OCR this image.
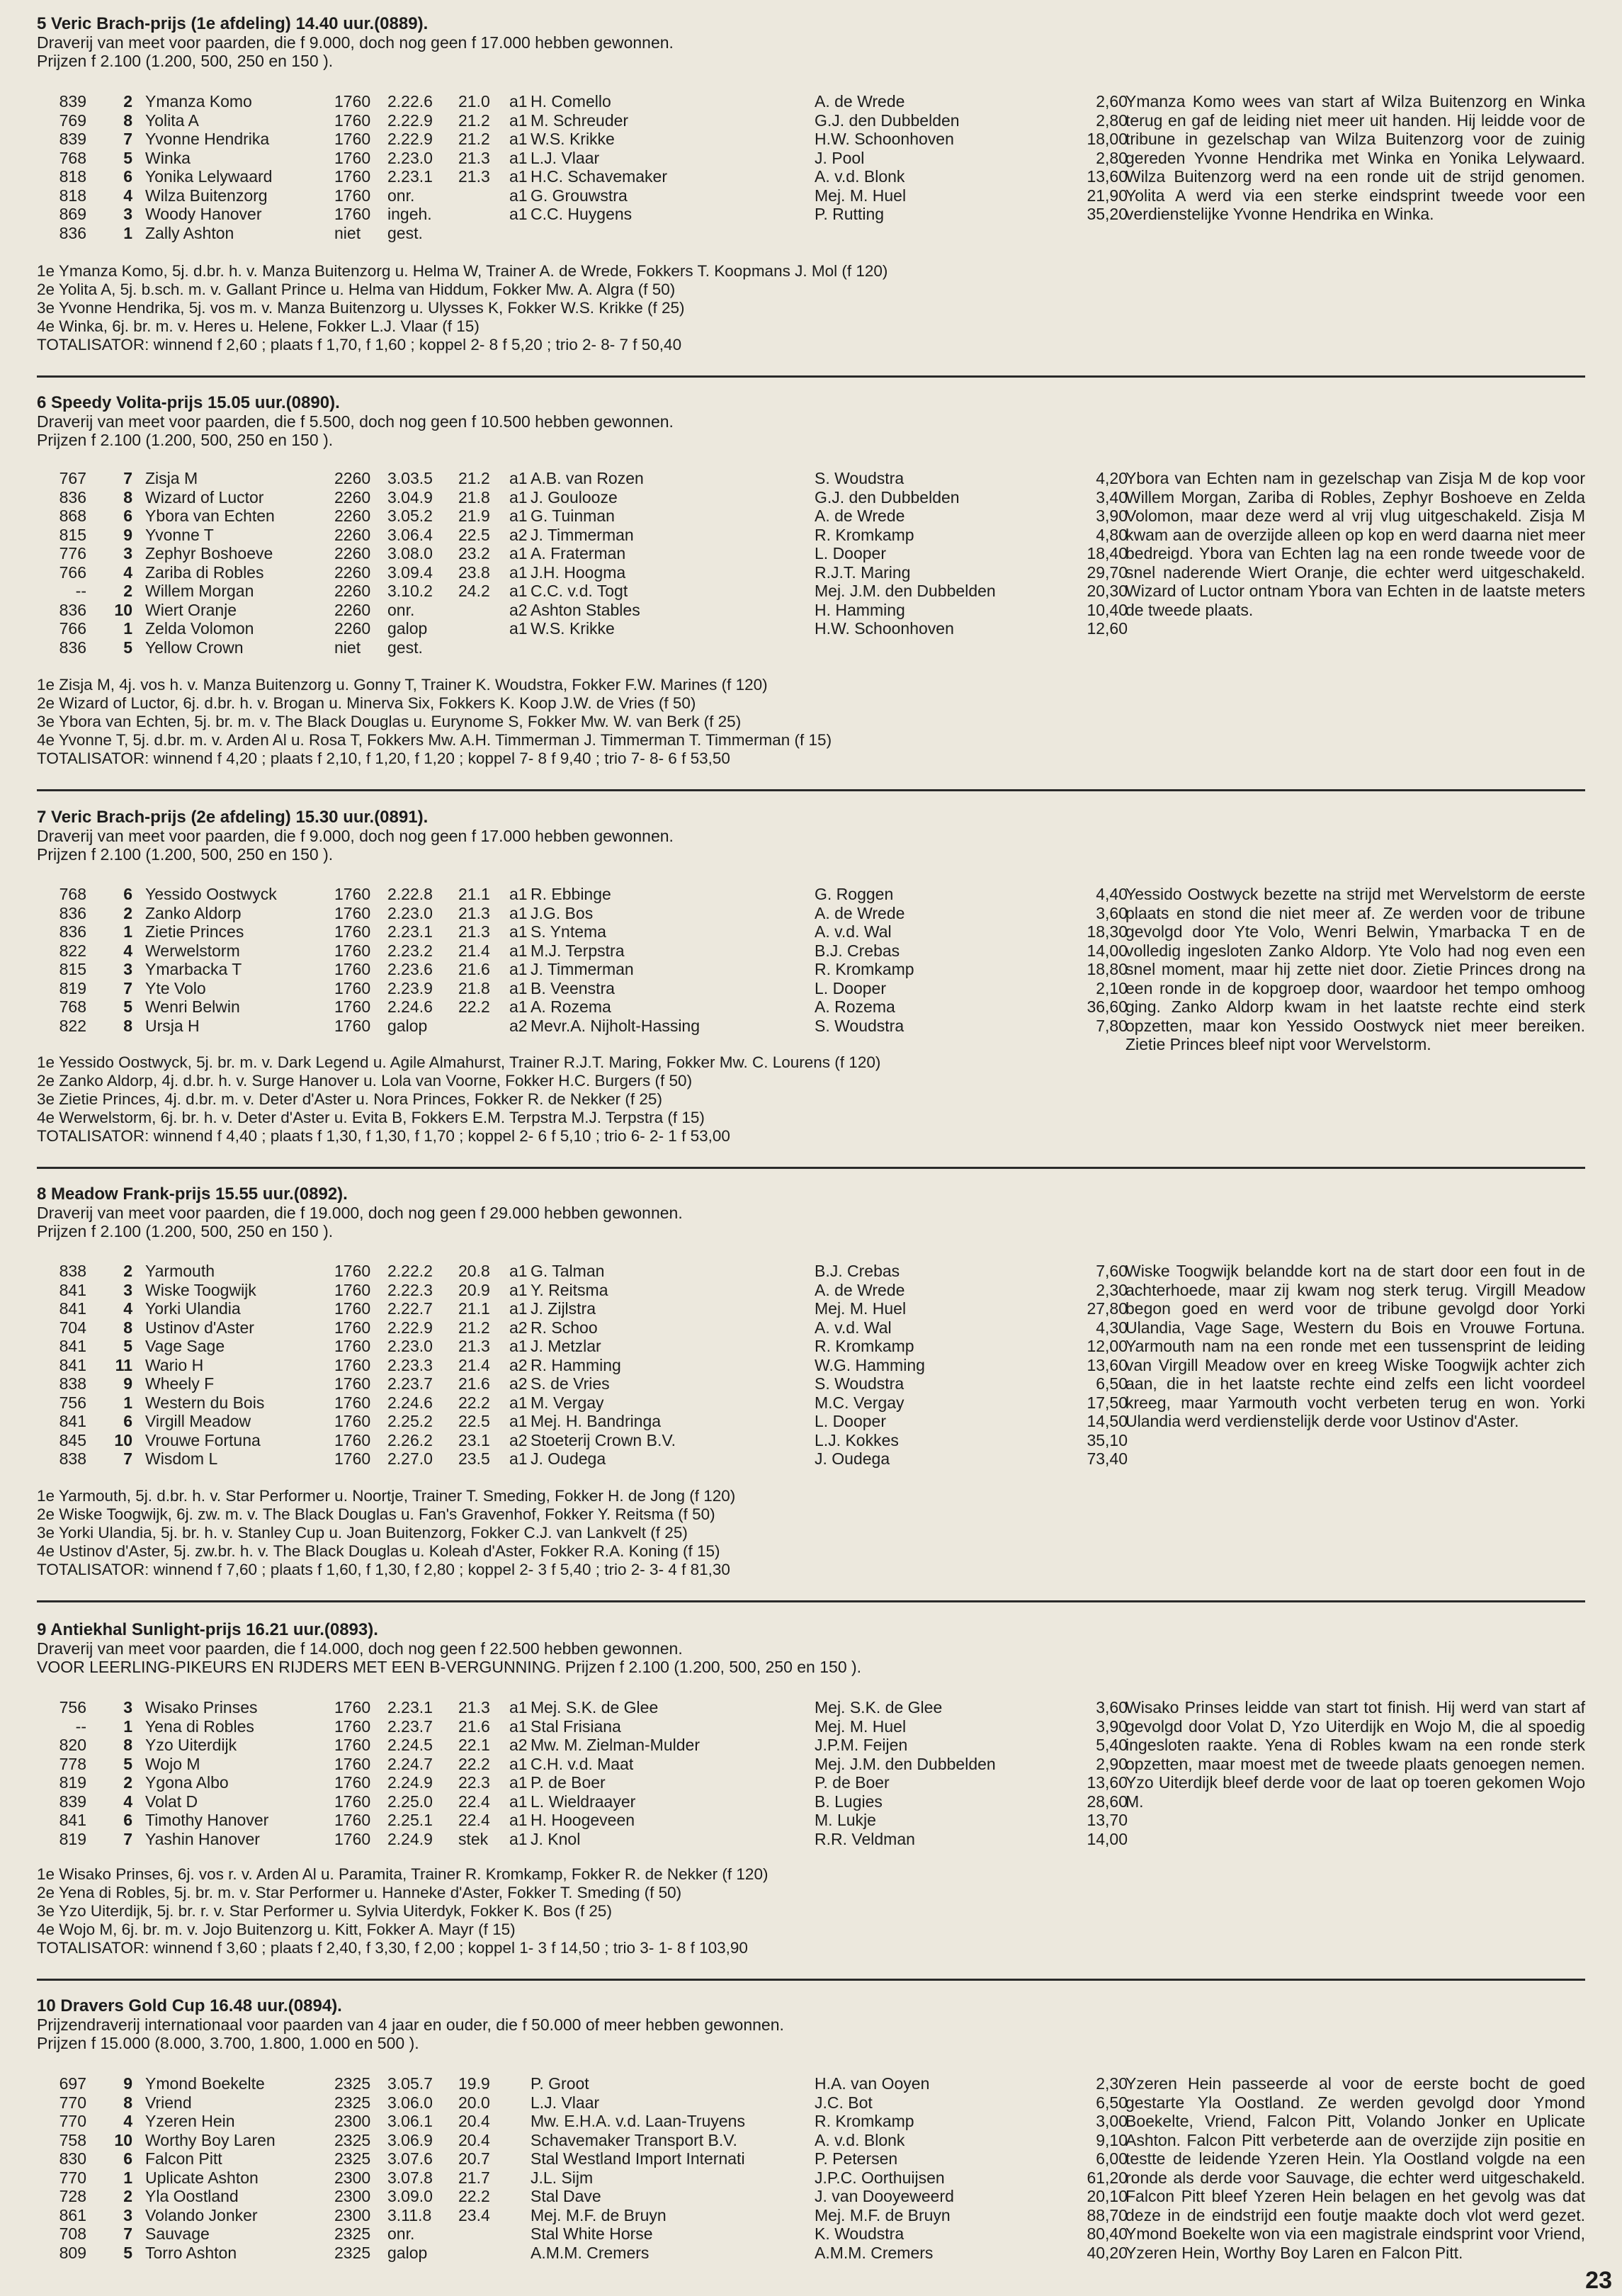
5 Veric Brach-prijs (1e afdeling) 14.40 uur.(0889).
Draverij van meet voor paarden, die f 9.000, doch nog geen f 17.000 hebben gewonnen.
Prijzen f 2.100 (1.200, 500, 250 en 150 ).
839	2 Ymanza Komo	1760 2.22.6 21.0 a1 H. Comello	A. de Wrede	2,60
769	8 Yolita A	1760 2.22.9 21.2 a1 M. Schreuder	G.J. den Dubbelden	2,80
839	7 Yvonne Hendrika	1760 2.22.9 21.2 a1 W.S. Krikke	H.W. Schoonhoven	18,00
768	5 Winka	1760 2.23.0 21.3 a1 L.J. Vlaar	J. Pool	2,80
818	6 Yonika Lelywaard	1760 2.23.1 21.3 a1 H.C. Schavemaker	A. v.d. Blonk	13,60
818	4 Wilza Buitenzorg	1760 onr.	a1 G. Grouwstra	Mej. M. Huel	21,90
869	3 Woody Hanover	1760 ingeh.	a1 C.C. Huygens	P. Rutting	35,20
836	1 Zally Ashton	niet gest.
Ymanza Komo wees van start af Wilza Buitenzorg en Winka terug en gaf de leiding niet meer uit handen. Hij leidde voor de tribune in gezelschap van Wilza Buitenzorg voor de zuinig gereden Yvonne Hendrika met Winka en Yonika Lelywaard. Wilza Buitenzorg werd na een ronde uit de strijd genomen. Yolita A werd via een sterke eindsprint tweede voor een verdienstelijke Yvonne Hendrika en Winka.
1e Ymanza Komo, 5j. d.br. h. v. Manza Buitenzorg u. Helma W, Trainer A. de Wrede, Fokkers T. Koopmans J. Mol (f 120)
2e Yolita A, 5j. b.sch. m. v. Gallant Prince u. Helma van Hiddum, Fokker Mw. A. Algra (f 50)
3e Yvonne Hendrika, 5j. vos m. v. Manza Buitenzorg u. Ulysses K, Fokker W.S. Krikke (f 25)
4e Winka, 6j. br. m. v. Heres u. Helene, Fokker L.J. Vlaar (f 15)
TOTALISATOR: winnend f 2,60 ; plaats f 1,70, f 1,60 ; koppel 2- 8 f 5,20 ; trio 2- 8- 7 f 50,40
6 Speedy Volita-prijs 15.05 uur.(0890).
Draverij van meet voor paarden, die f 5.500, doch nog geen f 10.500 hebben gewonnen.
Prijzen f 2.100 (1.200, 500, 250 en 150 ).
767	7 Zisja M	2260 3.03.5 21.2 a1 A.B. van Rozen	S. Woudstra	4,20
836	8 Wizard of Luctor	2260 3.04.9 21.8 a1 J. Goulooze	G.J. den Dubbelden	3,40
868	6 Ybora van Echten	2260 3.05.2 21.9 a1 G. Tuinman	A. de Wrede	3,90
815	9 Yvonne T	2260 3.06.4 22.5 a2 J. Timmerman	R. Kromkamp	4,80
776	3 Zephyr Boshoeve	2260 3.08.0 23.2 a1 A. Fraterman	L. Dooper	18,40
766	4 Zariba di Robles	2260 3.09.4 23.8 a1 J.H. Hoogma	R.J.T. Maring	29,70
--	2 Willem Morgan	2260 3.10.2 24.2 a1 C.C. v.d. Togt	Mej. J.M. den Dubbelden	20,30
836	10 Wiert Oranje	2260 onr.	a2 Ashton Stables	H. Hamming	10,40
766	1 Zelda Volomon	2260 galop	a1 W.S. Krikke	H.W. Schoonhoven	12,60
836	5 Yellow Crown	niet gest.
Ybora van Echten nam in gezelschap van Zisja M de kop voor Willem Morgan, Zariba di Robles, Zephyr Boshoeve en Zelda Volomon, maar deze werd al vrij vlug uitgeschakeld. Zisja M kwam aan de overzijde alleen op kop en werd daarna niet meer bedreigd. Ybora van Echten lag na een ronde tweede voor de snel naderende Wiert Oranje, die echter werd uitgeschakeld. Wizard of Luctor ontnam Ybora van Echten in de laatste meters de tweede plaats.
1e Zisja M, 4j. vos h. v. Manza Buitenzorg u. Gonny T, Trainer K. Woudstra, Fokker F.W. Marines (f 120)
2e Wizard of Luctor, 6j. d.br. h. v. Brogan u. Minerva Six, Fokkers K. Koop J.W. de Vries (f 50)
3e Ybora van Echten, 5j. br. m. v. The Black Douglas u. Eurynome S, Fokker Mw. W. van Berk (f 25)
4e Yvonne T, 5j. d.br. m. v. Arden Al u. Rosa T, Fokkers Mw. A.H. Timmerman J. Timmerman T. Timmerman (f 15)
TOTALISATOR: winnend f 4,20 ; plaats f 2,10, f 1,20, f 1,20 ; koppel 7- 8 f 9,40 ; trio 7- 8- 6 f 53,50
7 Veric Brach-prijs (2e afdeling) 15.30 uur.(0891).
Draverij van meet voor paarden, die f 9.000, doch nog geen f 17.000 hebben gewonnen.
Prijzen f 2.100 (1.200, 500, 250 en 150 ).
768	6 Yessido Oostwyck	1760 2.22.8 21.1 a1 R. Ebbinge	G. Roggen	4,40
836	2 Zanko Aldorp	1760 2.23.0 21.3 a1 J.G. Bos	A. de Wrede	3,60
836	1 Zietie Princes	1760 2.23.1 21.3 a1 S. Yntema	A. v.d. Wal	18,30
822	4 Werwelstorm	1760 2.23.2 21.4 a1 M.J. Terpstra	B.J. Crebas	14,00
815	3 Ymarbacka T	1760 2.23.6 21.6 a1 J. Timmerman	R. Kromkamp	18,80
819	7 Yte Volo	1760 2.23.9 21.8 a1 B. Veenstra	L. Dooper	2,10
768	5 Wenri Belwin	1760 2.24.6 22.2 a1 A. Rozema	A. Rozema	36,60
822	8 Ursja H	1760 galop	a2 Mevr.A. Nijholt-Hassing	S. Woudstra	7,80
Yessido Oostwyck bezette na strijd met Wervelstorm de eerste plaats en stond die niet meer af. Ze werden voor de tribune gevolgd door Yte Volo, Wenri Belwin, Ymarbacka T en de volledig ingesloten Zanko Aldorp. Yte Volo had nog even een snel moment, maar hij zette niet door. Zietie Princes drong na een ronde in de kopgroep door, waardoor het tempo omhoog ging. Zanko Aldorp kwam in het laatste rechte eind sterk opzetten, maar kon Yessido Oostwyck niet meer bereiken. Zietie Princes bleef nipt voor Wervelstorm.
1e Yessido Oostwyck, 5j. br. m. v. Dark Legend u. Agile Almahurst, Trainer R.J.T. Maring, Fokker Mw. C. Lourens (f 120)
2e Zanko Aldorp, 4j. d.br. h. v. Surge Hanover u. Lola van Voorne, Fokker H.C. Burgers (f 50)
3e Zietie Princes, 4j. d.br. m. v. Deter d'Aster u. Nora Princes, Fokker R. de Nekker (f 25)
4e Werwelstorm, 6j. br. h. v. Deter d'Aster u. Evita B, Fokkers E.M. Terpstra M.J. Terpstra (f 15)
TOTALISATOR: winnend f 4,40 ; plaats f 1,30, f 1,30, f 1,70 ; koppel 2- 6 f 5,10 ; trio 6- 2- 1 f 53,00
8 Meadow Frank-prijs 15.55 uur.(0892).
Draverij van meet voor paarden, die f 19.000, doch nog geen f 29.000 hebben gewonnen.
Prijzen f 2.100 (1.200, 500, 250 en 150 ).
838	2 Yarmouth	1760 2.22.2 20.8 a1 G. Talman	B.J. Crebas	7,60
841	3 Wiske Toogwijk	1760 2.22.3 20.9 a1 Y. Reitsma	A. de Wrede	2,30
841	4 Yorki Ulandia	1760 2.22.7 21.1 a1 J. Zijlstra	Mej. M. Huel	27,80
704	8 Ustinov d'Aster	1760 2.22.9 21.2 a2 R. Schoo	A. v.d. Wal	4,30
841	5 Vage Sage	1760 2.23.0 21.3 a1 J. Metzlar	R. Kromkamp	12,00
841	11 Wario H	1760 2.23.3 21.4 a2 R. Hamming	W.G. Hamming	13,60
838	9 Wheely F	1760 2.23.7 21.6 a2 S. de Vries	S. Woudstra	6,50
756	1 Western du Bois	1760 2.24.6 22.2 a1 M. Vergay	M.C. Vergay	17,50
841	6 Virgill Meadow	1760 2.25.2 22.5 a1 Mej. H. Bandringa	L. Dooper	14,50
845	10 Vrouwe Fortuna	1760 2.26.2 23.1 a2 Stoeterij Crown B.V.	L.J. Kokkes	35,10
838	7 Wisdom L	1760 2.27.0 23.5 a1 J. Oudega	J. Oudega	73,40
Wiske Toogwijk belandde kort na de start door een fout in de achterhoede, maar zij kwam nog sterk terug. Virgill Meadow begon goed en werd voor de tribune gevolgd door Yorki Ulandia, Vage Sage, Western du Bois en Vrouwe Fortuna. Yarmouth nam na een ronde met een tussensprint de leiding van Virgill Meadow over en kreeg Wiske Toogwijk achter zich aan, die in het laatste rechte eind zelfs een licht voordeel kreeg, maar Yarmouth vocht verbeten terug en won. Yorki Ulandia werd verdienstelijk derde voor Ustinov d'Aster.
1e Yarmouth, 5j. d.br. h. v. Star Performer u. Noortje, Trainer T. Smeding, Fokker H. de Jong (f 120)
2e Wiske Toogwijk, 6j. zw. m. v. The Black Douglas u. Fan's Gravenhof, Fokker Y. Reitsma (f 50)
3e Yorki Ulandia, 5j. br. h. v. Stanley Cup u. Joan Buitenzorg, Fokker C.J. van Lankvelt (f 25)
4e Ustinov d'Aster, 5j. zw.br. h. v. The Black Douglas u. Koleah d'Aster, Fokker R.A. Koning (f 15)
TOTALISATOR: winnend f 7,60 ; plaats f 1,60, f 1,30, f 2,80 ; koppel 2- 3 f 5,40 ; trio 2- 3- 4 f 81,30
9 Antiekhal Sunlight-prijs 16.21 uur.(0893).
Draverij van meet voor paarden, die f 14.000, doch nog geen f 22.500 hebben gewonnen.
VOOR LEERLING-PIKEURS EN RIJDERS MET EEN B-VERGUNNING. Prijzen f 2.100 (1.200, 500, 250 en 150 ).
756	3 Wisako Prinses	1760 2.23.1 21.3 a1 Mej. S.K. de Glee	Mej. S.K. de Glee	3,60
--	1 Yena di Robles	1760 2.23.7 21.6 a1 Stal Frisiana	Mej. M. Huel	3,90
820	8 Yzo Uiterdijk	1760 2.24.5 22.1 a2 Mw. M. Zielman-Mulder	J.P.M. Feijen	5,40
778	5 Wojo M	1760 2.24.7 22.2 a1 C.H. v.d. Maat	Mej. J.M. den Dubbelden	2,90
819	2 Ygona Albo	1760 2.24.9 22.3 a1 P. de Boer	P. de Boer	13,60
839	4 Volat D	1760 2.25.0 22.4 a1 L. Wieldraayer	B. Lugies	28,60
841	6 Timothy Hanover	1760 2.25.1 22.4 a1 H. Hoogeveen	M. Lukje	13,70
819	7 Yashin Hanover	1760 2.24.9 stek a1 J. Knol	R.R. Veldman	14,00
Wisako Prinses leidde van start tot finish. Hij werd van start af gevolgd door Volat D, Yzo Uiterdijk en Wojo M, die al spoedig ingesloten raakte. Yena di Robles kwam na een ronde sterk opzetten, maar moest met de tweede plaats genoegen nemen. Yzo Uiterdijk bleef derde voor de laat op toeren gekomen Wojo M.
1e Wisako Prinses, 6j. vos r. v. Arden Al u. Paramita, Trainer R. Kromkamp, Fokker R. de Nekker (f 120)
2e Yena di Robles, 5j. br. m. v. Star Performer u. Hanneke d'Aster, Fokker T. Smeding (f 50)
3e Yzo Uiterdijk, 5j. br. r. v. Star Performer u. Sylvia Uiterdyk, Fokker K. Bos (f 25)
4e Wojo M, 6j. br. m. v. Jojo Buitenzorg u. Kitt, Fokker A. Mayr (f 15)
TOTALISATOR: winnend f 3,60 ; plaats f 2,40, f 3,30, f 2,00 ; koppel 1- 3 f 14,50 ; trio 3- 1- 8 f 103,90
10 Dravers Gold Cup 16.48 uur.(0894).
Prijzendraverij internationaal voor paarden van 4 jaar en ouder, die f 50.000 of meer hebben gewonnen.
Prijzen f 15.000 (8.000, 3.700, 1.800, 1.000 en 500 ).
697	9 Ymond Boekelte	2325 3.05.7 19.9 P. Groot	H.A. van Ooyen	2,30
770	8 Vriend	2325 3.06.0 20.0 L.J. Vlaar	J.C. Bot	6,50
770	4 Yzeren Hein	2300 3.06.1 20.4 Mw. E.H.A. v.d. Laan-Truyens	R. Kromkamp	3,00
758	10 Worthy Boy Laren	2325 3.06.9 20.4 Schavemaker Transport B.V.	A. v.d. Blonk	9,10
830	6 Falcon Pitt	2325 3.07.6 20.7 Stal Westland Import Internati	P. Petersen	6,00
770	1 Uplicate Ashton	2300 3.07.8 21.7 J.L. Sijm	J.P.C. Oorthuijsen	61,20
728	2 Yla Oostland	2300 3.09.0 22.2 Stal Dave	J. van Dooyeweerd	20,10
861	3 Volando Jonker	2300 3.11.8 23.4 Mej. M.F. de Bruyn	Mej. M.F. de Bruyn	88,70
708	7 Sauvage	2325 onr.	Stal White Horse	K. Woudstra	80,40
809	5 Torro Ashton	2325 galop	A.M.M. Cremers	A.M.M. Cremers	40,20
Yzeren Hein passeerde al voor de eerste bocht de goed gestarte Yla Oostland. Ze werden gevolgd door Ymond Boekelte, Vriend, Falcon Pitt, Volando Jonker en Uplicate Ashton. Falcon Pitt verbeterde aan de overzijde zijn positie en testte de leidende Yzeren Hein. Yla Oostland volgde na een ronde als derde voor Sauvage, die echter werd uitgeschakeld. Falcon Pitt bleef Yzeren Hein belagen en het gevolg was dat deze in de eindstrijd een foutje maakte doch vlot werd gezet. Ymond Boekelte won via een magistrale eindsprint voor Vriend, Yzeren Hein, Worthy Boy Laren en Falcon Pitt.
23
